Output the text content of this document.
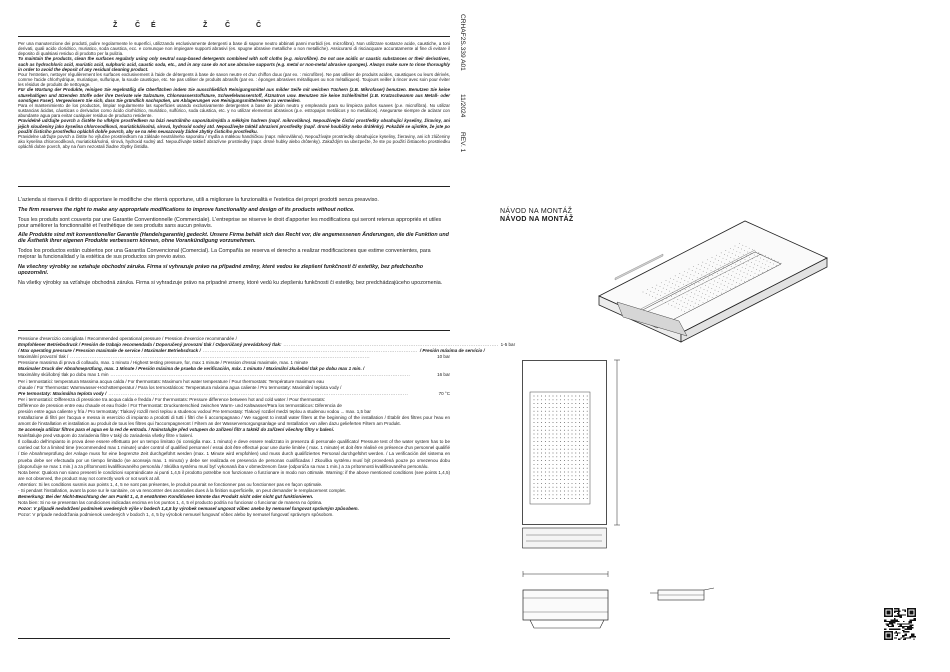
Ž Č É	Ž Č	Č

Per una manutenzione dei prodotti, pulire regolarmente le superfici, utilizzando esclusivamente detergenti a base di sapone neutro abbinati panni morbidi (es. microfibra). Non utilizzare sostanze acide, caustiche, a toni derivati, quali acido cloridrico, muriatico, soda caustica, ecc. e comunque non impiegare supporti abrasivi (es. spugne abrasive metalliche o non metalliche). Assicurarsi di risciacquare accuratamente al fine di evitare il deposito di qualsiasi residuo di prodotto per la pulizia.

To maintain the products, clean the surfaces regularly using only neutral soap-based detergents combined with soft cloths (e.g. microfibre). Do not use acidic or caustic substances or their derivatives, such as hydrochloric acid, muriatic acid, sulphuric acid, caustic soda, etc., and in any case do not use abrasive supports (e.g. metal or non-metal abrasive sponges). Always make sure to rinse thoroughly in order to avoid the deposit of any residual cleaning product.

Pour l'entretien, nettoyer régulièrement les surfaces exclusivement à l'aide de détergents à base de savon neutre et d'un chiffon doux (par ex. : microfibre). Ne pas utiliser de produits acides, caustiques ou leurs dérivés, comme l'acide chlorhydrique, muriatique, sulfurique, la soude caustique, etc. Ne pas utiliser de produits abrasifs (par ex. : éponges abrasives métalliques ou non métalliques). Toujours veiller à rincer avec soin pour éviter les résidus de produits de nettoyage.

Für die Wartung der Produkte, reinigen Sie regelmäßig die Oberflächen indem Sie ausschließlich Reinigungsmittel aus milder Seife mit weichen Tüchern (z.B. Mikrofaser) benutzen. Benutzen Sie keine säurehaltigen und ätzenden Stoffe oder ihre Derivate wie Salzsäure, Chlorwasserstoffsäure, Schwefelwasserstoff, Ätznatron usw. Benutzen Sie keine Schleifmittel (z.B. Kratzschwamm aus Metall- oder sonstiges Faser). Vergewissern Sie sich, dass Sie gründlich nachspülen, um Ablagerungen von Reinigungsmittelresten zu vermeiden.

Para el mantenimiento de los productos, limpiar regularmente las superficies usando exclusivamente detergentes a base de jabón neutro y empleando para su limpieza paños suaves (p.e. microfibra). No utilizar sustancias ácidas, cáusticas o derivados como ácido clorhídrico, muriático, sulfúrico, soda cáustica, etc. y no utilizar elementos abrasivos (p.e. estropajos metálicos y no metálicos). Asegurarse siempre de aclarar con abundante agua para evitar cualquier residuo de producto residente.

Pravidelně udržujte povrch a čistěte ho vlhkým prostředkem na bázi neutrálního saponátu/mýdla a měkkým hadrem (např. mikrovlákno). Nepoužívejte čisticí prostředky obsahující kyseliny, žíraviny, ani jejich sloučeniny jako kyselina chlorovodíková, muriatická/solná, sírová, hydroxid sodný atd. Nepoužívejte taktéž abrazivní prostředky (např. drsné houbičky nebo drátěnky). Pokaždé se ujistěte, že jste po použití čisticího prostředku opláchli dobře povrch, aby se na něm neusazovaly žádné zbytky čisticího prostředku.

Pravidelne udržujte povrch a čistite ho výlučne prostriedkom na základe neutrálneho saponátu / mydla a mäkkou handričkou (napr. mikrovlákno). Nepoužívajte prostriedky obsahujúce kyseliny, žieraviny, ani ich zlúčeniny ako kyselina chlorovodíková, muriatická/solná, sírová, hydroxid sodný atď. Nepoužívajte taktiež abrazívne prostriedky (napr. drsné hubky alebo drôtenky). Zakaždým sa ubezpečte, že ste po použití čistiaceho prostriedku opláchli dobre povrch, aby na ňom nezostali žiadne zbytky čistidla.

L'azienda si riserva il diritto di apportare le modifiche che riterrà opportune, utili a migliorare la funzionalità e l'estetica dei propri prodotti senza preavviso.

The firm reserves the right to make any appropriate modifications to improve functionality and design of its products without notice.

Tous les produits sont couverts par une Garantie Conventionnelle (Commerciale). L'entreprise se réserve le droit d'apporter les modifications qui seront retenus appropriés et utiles pour améliorer la fonctionnalité et l'esthétique de ses produits sans aucun préavis.

Alle Produkte sind mit konventioneller Garantie (Handelsgarantie) gedeckt. Unsere Firma behält sich das Recht vor, die angemessenen Änderungen, die die Funktion und die Ästhetik ihrer eigenen Produkte verbessern können, ohne Vorankündigung vorzunehmen.

Todos los productos están cubiertos por una Garantía Convencional (Comercial). La Compañía se reserva el derecho a realizar modificaciones que estime convenientes, para mejorar la funcionalidad y la estética de sus productos sin previo aviso.

Na všechny výrobky se vztahuje obchodní záruka. Firma si vyhrazuje právo na případné změny, které vedou ke zlepšení funkčnosti či estetiky, bez předchozího upozornění.

Na všetky výrobky sa vzťahuje obchodná záruka. Firma si vyhradzuje právo na prípadné zmeny, ktoré vedú ku zlepšeniu funkčnosti či estetiky, bez predchádzajúceho upozornenia.

Pressione d'esercizio consigliata / Recommended operational pressure / Pression d'exercice recommandée /

Empfohlener Betriebsdruck / Presión de trabajo recomendada / Doporučený provozní tlak / Odporúčaný prevádzkový tlak: .......................................................................................................................... 1-5 bar
/ Max operating pressure / Pression maximale de service / Maximaler Betriebsdruck / .......................................................................................................................... / Presión máxima de servicio /
Maximální provozní tlak / ..........................................................................................................................................................................	10 bar

Pressione massima di prova di collaudo, max. 1 minuto / Highest testing pressure, for, max 1 minute / Pression d'essai maximale, max. 1 minute

Maximaler Druck der Abnahmeprüfung, max. 1 Minute / Presión máxima de prueba de verificación, máx. 1 minuto / Maximální zkušební tlak po dobu max 1 min. /

Maximálny skúšobný tlak po dobu max 1 min ..........................................................................................................................................................................	16 bar

Per i termostatici: temperatura Massima acqua calda / For thermostats: Maximum hot water temperature / Pour thermostats: Température maximum eau

chaude / Für Thermostat: Warmwasser-Höchsttemperatur / Para los termostáticos: Temperatura máxima agua caliente / Pro termostaty: Maximální teplota vody /

Pre termostaty: Maximálna teplota vody / ..........................................................................................................................................................................	70 °C

Per i termostatici: Differenza di pressione tra acqua calda e fredda / For thermostats: Pressure difference between hot and cold water / Pour thermostats:

Différence de pression entre eau chaude et eau froide / Für Thermostat: Druckunterschied zwischen Warm- und Kaltwasser/Para los termostáticos: Diferencia de

presión entre agua caliente y fría / Pro termostaty: Tlakový rozdíl mezi teplou a studenou vodou/ Pre termostaty: Tlakový rozdiel medzi teplou a studenou vodou ... max. 1,5 bar

Installazione di filtri per l'acqua e messa in esercizio di impianto a prodotti di tutti i filtri che li accompagnano / We suggest to install water filters at the beginning of the installation / Établir des filtres pour l'eau en amont de l'installation et installation au produit de tous les filtres qui l'accompagneront / Filtern an der Wasserversorgungsanlage und Installation von allen dazu gelieferten Filtern am Produkt.

Se aconseja utilizar filtros para el agua en la red de entrada. / Nainstalujte před vstupem do zařízení filtr a taktéž do zařízení všechny filtry v balení.

Nainštalujte pred vstupom do zariadenia filtre v taký do zariadenia všetky filtre v balení.

Il collaudo dell'impianto in prova deve essere effettuato per un tempo limitato (si consiglia max. 1 minuto) e deve essere realizzato in presenza di personale qualificato/ Pressure test of the water system has to be carried out for a limited time (recommended max 1 minute) under control of qualified personnel / essai doit être effectué pour une durée limitée ( max. 1 minute) et doit être réalisé en présence d'un personnel qualifié / Die Abnahmeprüfung der Anlage muss für eine begrenzte Zeit durchgeführt werden (max. 1 Minute wird empfohlen) und muss durch qualifiziertes Personal durchgeführt werden. / La verificación del sistema en prueba debe ser efectuada por un tiempo limitado (se aconseja max. 1 minuto) y debe ser realizada en presencia de personas cualificadas / Zkouška systému musí být provedená pouze po omezenou dobu (doporučuje se max 1 min.) a za přítomnosti kvalifikovaného personálu / Skúška systému musí byť vykonaná iba v obmedzenom čase (odporúča sa max 1 min.) a za prítomnosti kvalifikovaného personálu.

Nota bene: Qualora non siano presenti le condizioni soprraindicate ai punti 1,4,5 il prodotto potrebbe non funzionare o funzionare in modo non ottimale. Warning: if the above mentioned conditions (see points 1,4,5) are not observed, the product may not correctly work or not work at all.

Attention: Si les conditions susmis aux points 1, 4, 5 ne sont pas présentes, le produit pourrait ne fonctionner pas ou fonctionner pas en façon optimale.

- Si pendant l'installation, avant la pose sur le sanitaire, on va rencontrer des anomalies dues à la finition superficielle, on peut demander le remplacement complet.

Bemerkung: Bei der Nicht-Beachtung der am Punkt 1, 4, 5 erwähnten Konditionen könnte das Produkt nicht oder nicht gut funktionieren.

Nota bien: Si no se presentan las condiciones indicadas encima en los puntos 1, 4, 5 el producto podría no funcionar o funcionar de manera no óptima.

Pozor: V případě nedodržení podmínek uvedených výše v bodech 1,4,5 by výrobek nemusel ungovat vůbec anebo by nemusel fungovat správným způsobem.

Pozor: V prípade nedodržania podmienok uvedených v bodoch 1, 4, 5 by výrobok nemusel fungovať vôbec alebo by nemusel fungovať správnym spôsobom.

CRHAF2S.339 A01
11/2024
REV. 1
NÁVOD NA MONTÁŽ
NÁVOD NA MONTÁŽ
